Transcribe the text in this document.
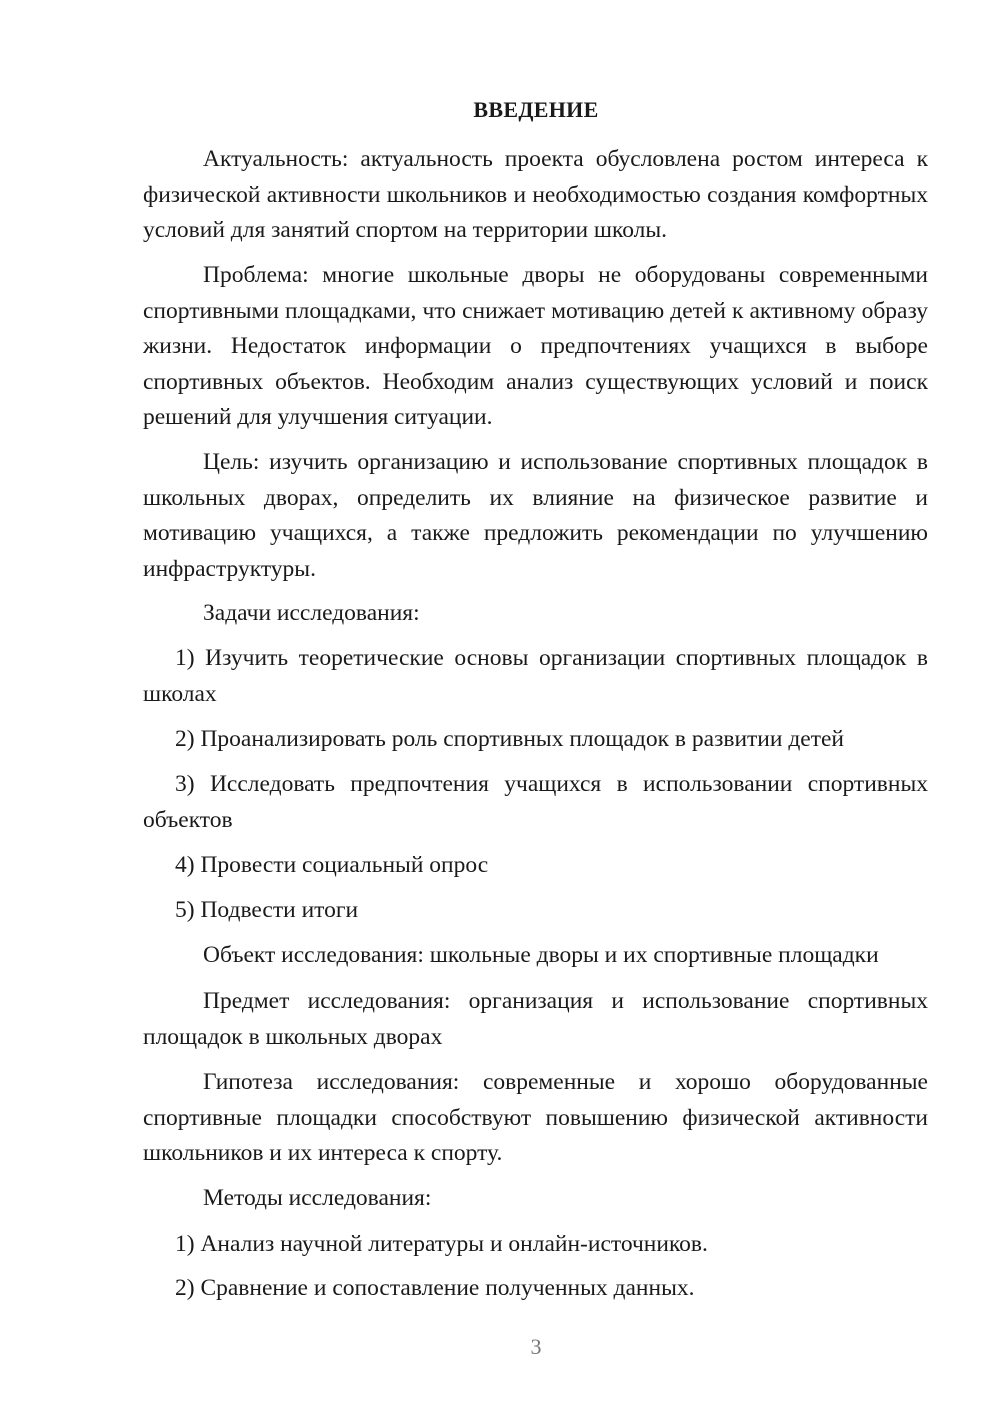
ВВЕДЕНИЕ

Актуальность: актуальность проекта обусловлена ростом интереса к физической активности школьников и необходимостью создания комфортных условий для занятий спортом на территории школы.

Проблема: многие школьные дворы не оборудованы современными спортивными площадками, что снижает мотивацию детей к активному образу жизни. Недостаток информации о предпочтениях учащихся в выборе спортивных объектов. Необходим анализ существующих условий и поиск решений для улучшения ситуации.

Цель: изучить организацию и использование спортивных площадок в школьных дворах, определить их влияние на физическое развитие и мотивацию учащихся, а также предложить рекомендации по улучшению инфраструктуры.

Задачи исследования:

1) Изучить теоретические основы организации спортивных площадок в школах

2) Проанализировать роль спортивных площадок в развитии детей

3) Исследовать предпочтения учащихся в использовании спортивных объектов

4) Провести социальный опрос

5) Подвести итоги

Объект исследования: школьные дворы и их спортивные площадки

Предмет исследования: организация и использование спортивных площадок в школьных дворах

Гипотеза исследования: современные и хорошо оборудованные спортивные площадки способствуют повышению физической активности школьников и их интереса к спорту.

Методы исследования:

1) Анализ научной литературы и онлайн-источников.

2) Сравнение и сопоставление полученных данных.

3
